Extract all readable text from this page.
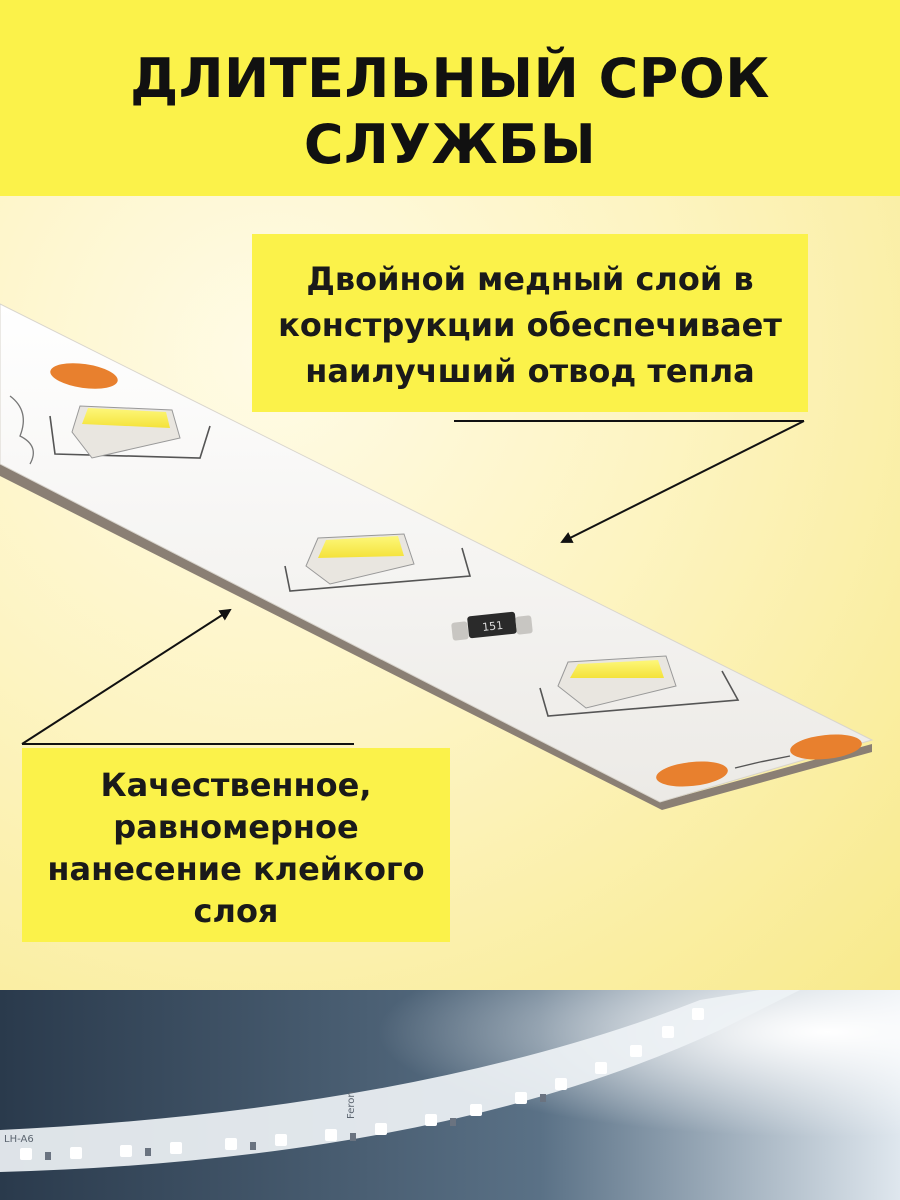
ДЛИТЕЛЬНЫЙ СРОК
СЛУЖБЫ
151
Двойной медный слой в
конструкции обеспечивает
наилучший отвод тепла
Качественное,
равномерное
нанесение клейкого
слоя
LH-A6
Feron
